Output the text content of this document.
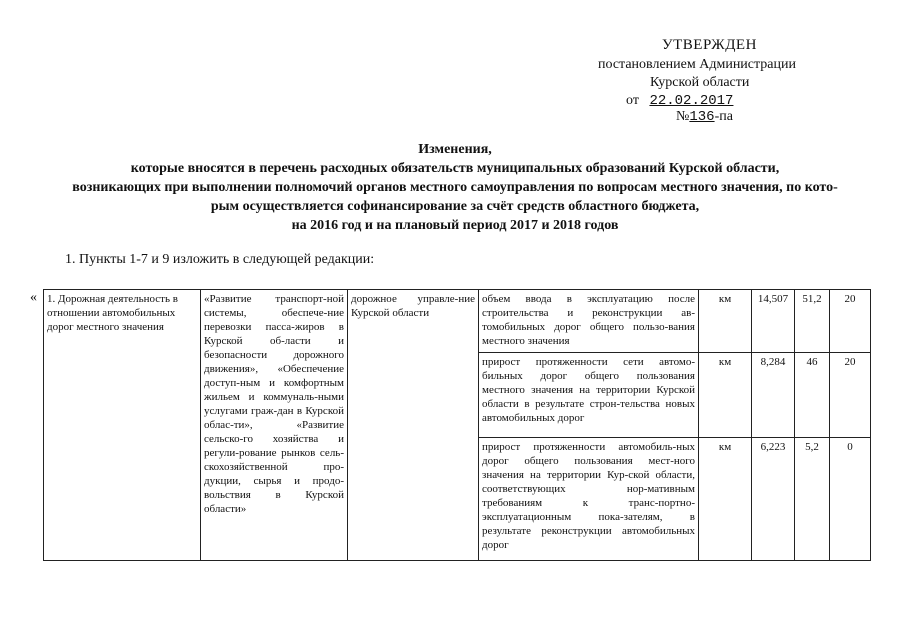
УТВЕРЖДЕН
постановлением Администрации
Курской области
от 22.02.2017
№136-па
Изменения,
которые вносятся в перечень расходных обязательств муниципальных образований Курской области,
возникающих при выполнении полномочий органов местного самоуправления по вопросам местного значения, по кото-
рым осуществляется софинансирование за счёт средств областного бюджета,
на 2016 год и на плановый период 2017 и 2018 годов
1. Пункты 1-7 и 9 изложить в следующей редакции:
« 1. Дорожная деятельность в отношении автомобильных дорог местного значения	«Развитие транспорт-ной системы, обеспече-ние перевозки пасса-жиров в Курской об-ласти и безопасности дорожного движения», «Обеспечение доступ-ным и комфортным жильем и коммуналь-ными услугами граж-дан в Курской облас-ти», «Развитие сельско-го хозяйства и регули-рование рынков сель-скохозяйственной про-дукции, сырья и продо-вольствия в Курской области»	дорожное управле-ние Курской области	объем ввода в эксплуатацию после строительства и реконструкции ав-томобильных дорог общего пользо-вания местного значения	км	14,507	51,2	20
			прирост протяженности сети автомо-бильных дорог общего пользования местного значения на территории Курской области в результате строн-тельства новых автомобильных дорог	км	8,284	46	20
			прирост протяженности автомобиль-ных дорог общего пользования мест-ного значения на территории Кур-ской области, соответствующих нор-мативным требованиям к транс-портно-эксплуатационным пока-зателям, в результате реконструкции автомобильных дорог	км	6,223	5,2	0
